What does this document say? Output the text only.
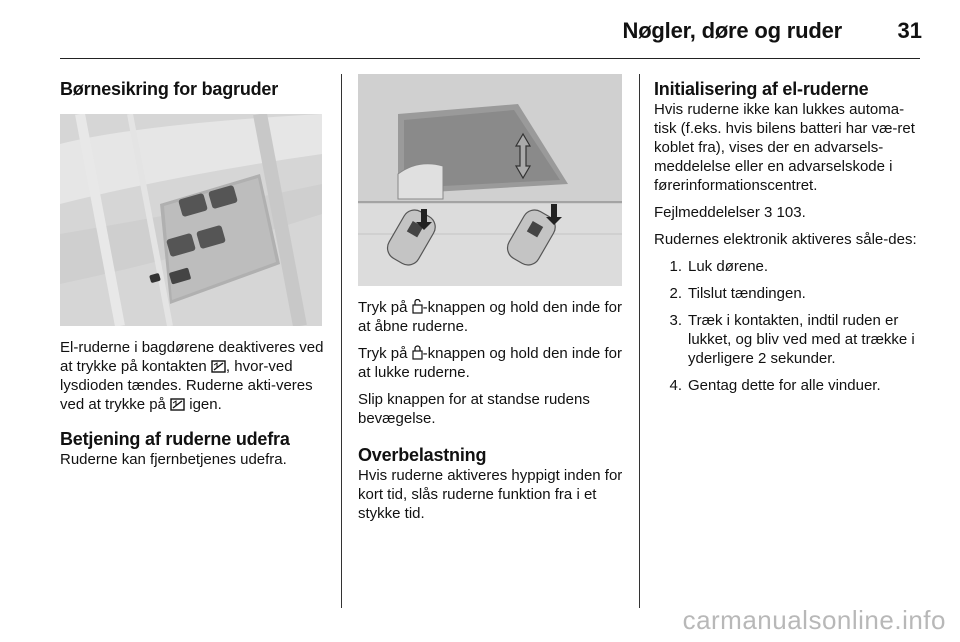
Nøgler, døre og ruder	31
Børnesikring for bagruder

El-ruderne i bagdørene deaktiveres ved at trykke på kontakten , hvor-ved lysdioden tændes. Ruderne akti-veres ved at trykke på  igen.

Betjening af ruderne udefra

Ruderne kan fjernbetjenes udefra.

Tryk på -knappen og hold den inde for at åbne ruderne.

Tryk på -knappen og hold den inde for at lukke ruderne.

Slip knappen for at standse rudens bevægelse.

Overbelastning

Hvis ruderne aktiveres hyppigt inden for kort tid, slås ruderne funktion fra i et stykke tid.

Initialisering af el-ruderne

Hvis ruderne ikke kan lukkes automa-tisk (f.eks. hvis bilens batteri har væ-ret koblet fra), vises der en advarsels-meddelelse eller en advarselskode i førerinformationscentret.

Fejlmeddelelser 3 103.

Rudernes elektronik aktiveres såle-des:

1. Luk dørene.
2. Tilslut tændingen.
3. Træk i kontakten, indtil ruden er lukket, og bliv ved med at trække i yderligere 2 sekunder.
4. Gentag dette for alle vinduer.
carmanualsonline.info
